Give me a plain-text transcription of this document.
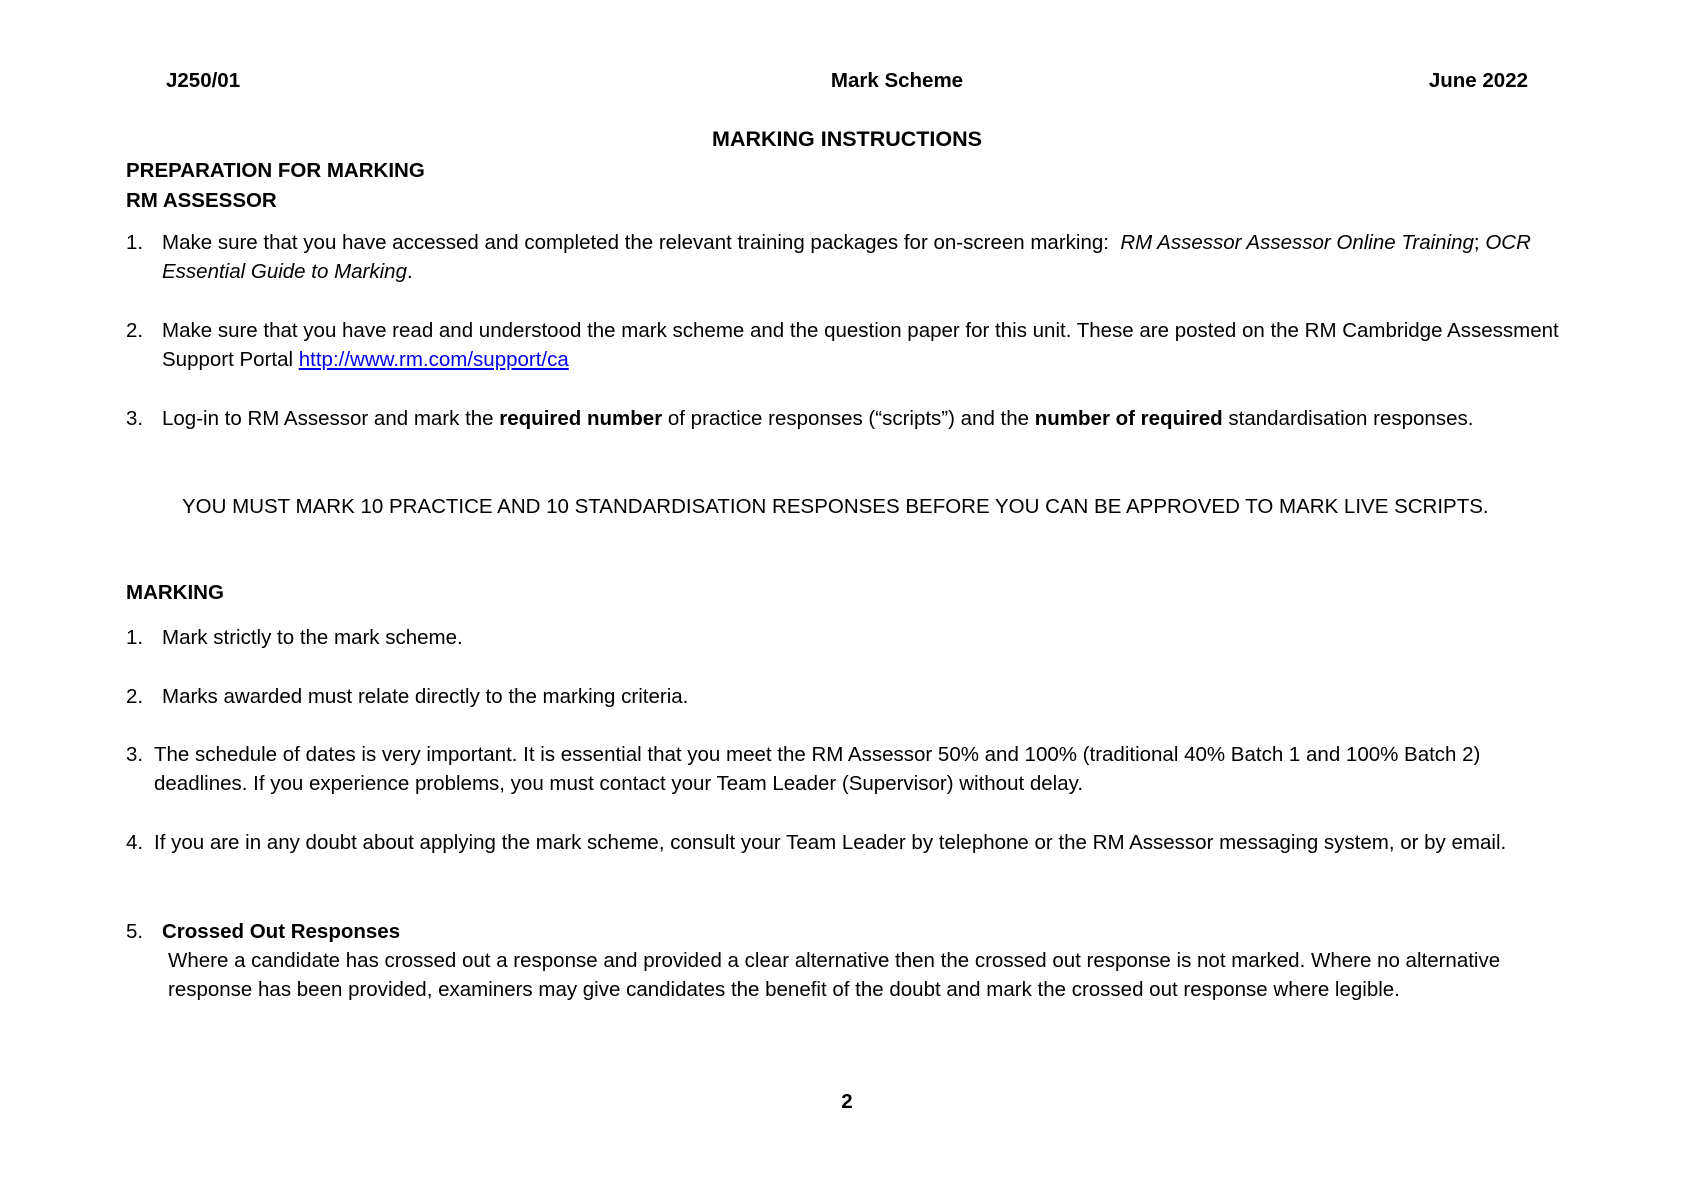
J250/01	Mark Scheme	June 2022
MARKING INSTRUCTIONS
PREPARATION FOR MARKING
RM ASSESSOR
1. Make sure that you have accessed and completed the relevant training packages for on-screen marking: RM Assessor Assessor Online Training; OCR Essential Guide to Marking.
2. Make sure that you have read and understood the mark scheme and the question paper for this unit. These are posted on the RM Cambridge Assessment Support Portal http://www.rm.com/support/ca
3. Log-in to RM Assessor and mark the required number of practice responses (“scripts”) and the number of required standardisation responses.
YOU MUST MARK 10 PRACTICE AND 10 STANDARDISATION RESPONSES BEFORE YOU CAN BE APPROVED TO MARK LIVE SCRIPTS.
MARKING
1. Mark strictly to the mark scheme.
2. Marks awarded must relate directly to the marking criteria.
3. The schedule of dates is very important. It is essential that you meet the RM Assessor 50% and 100% (traditional 40% Batch 1 and 100% Batch 2) deadlines. If you experience problems, you must contact your Team Leader (Supervisor) without delay.
4. If you are in any doubt about applying the mark scheme, consult your Team Leader by telephone or the RM Assessor messaging system, or by email.
5. Crossed Out Responses
Where a candidate has crossed out a response and provided a clear alternative then the crossed out response is not marked. Where no alternative response has been provided, examiners may give candidates the benefit of the doubt and mark the crossed out response where legible.
2
